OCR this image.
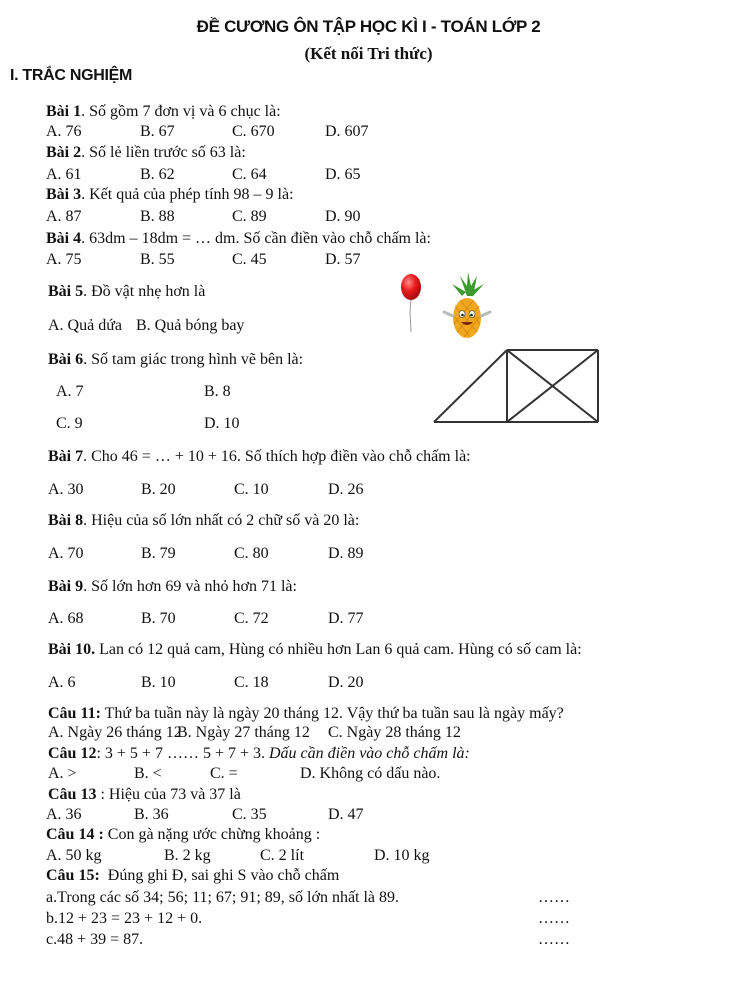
ĐỀ CƯƠNG ÔN TẬP HỌC KÌ I - TOÁN LỚP 2
(Kết nối Tri thức)
I. TRẮC NGHIỆM
Bài 1. Số gồm 7 đơn vị và 6 chục là:
A. 76	B. 67	C. 670	D. 607
Bài 2. Số lẻ liền trước số 63 là:
A. 61	B. 62	C. 64	D. 65
Bài 3. Kết quả của phép tính 98 – 9 là:
A. 87	B. 88	C. 89	D. 90
Bài 4. 63dm – 18dm = … dm. Số cần điền vào chỗ chấm là:
A. 75	B. 55	C. 45	D. 57
Bài 5. Đồ vật nhẹ hơn là
A. Quả dứa B. Quả bóng bay
Bài 6. Số tam giác trong hình vẽ bên là:
A. 7	B. 8
C. 9	D. 10
Bài 7. Cho 46 = … + 10 + 16. Số thích hợp điền vào chỗ chấm là:
A. 30	B. 20	C. 10	D. 26
Bài 8. Hiệu của số lớn nhất có 2 chữ số và 20 là:
A. 70	B. 79	C. 80	D. 89
Bài 9. Số lớn hơn 69 và nhỏ hơn 71 là:
A. 68	B. 70	C. 72	D. 77
Bài 10. Lan có 12 quả cam, Hùng có nhiều hơn Lan 6 quả cam. Hùng có số cam là:
A. 6	B. 10	C. 18	D. 20
Câu 11: Thứ ba tuần này là ngày 20 tháng 12. Vậy thứ ba tuần sau là ngày mấy?
A. Ngày 26 tháng 12
B. Ngày 27 tháng 12 C. Ngày 28 tháng 12
Câu 12: 3 + 5 + 7 …… 5 + 7 + 3. Dấu cần điền vào chỗ chấm là:
A. >	B. <	C. =	D. Không có dấu nào.
Câu 13 : Hiệu của 73 và 37 là
A. 36	B. 36	C. 35	D. 47
Câu 14 : Con gà nặng ước chừng khoảng :
A. 50 kg	B. 2 kg	C. 2 lít	D. 10 kg
Câu 15:  Đúng ghi Đ, sai ghi S vào chỗ chấm
a.Trong các số 34; 56; 11; 67; 91; 89, số lớn nhất là 89.	……
b.12 + 23 = 23 + 12 + 0.	……
c.48 + 39 = 87.	……
